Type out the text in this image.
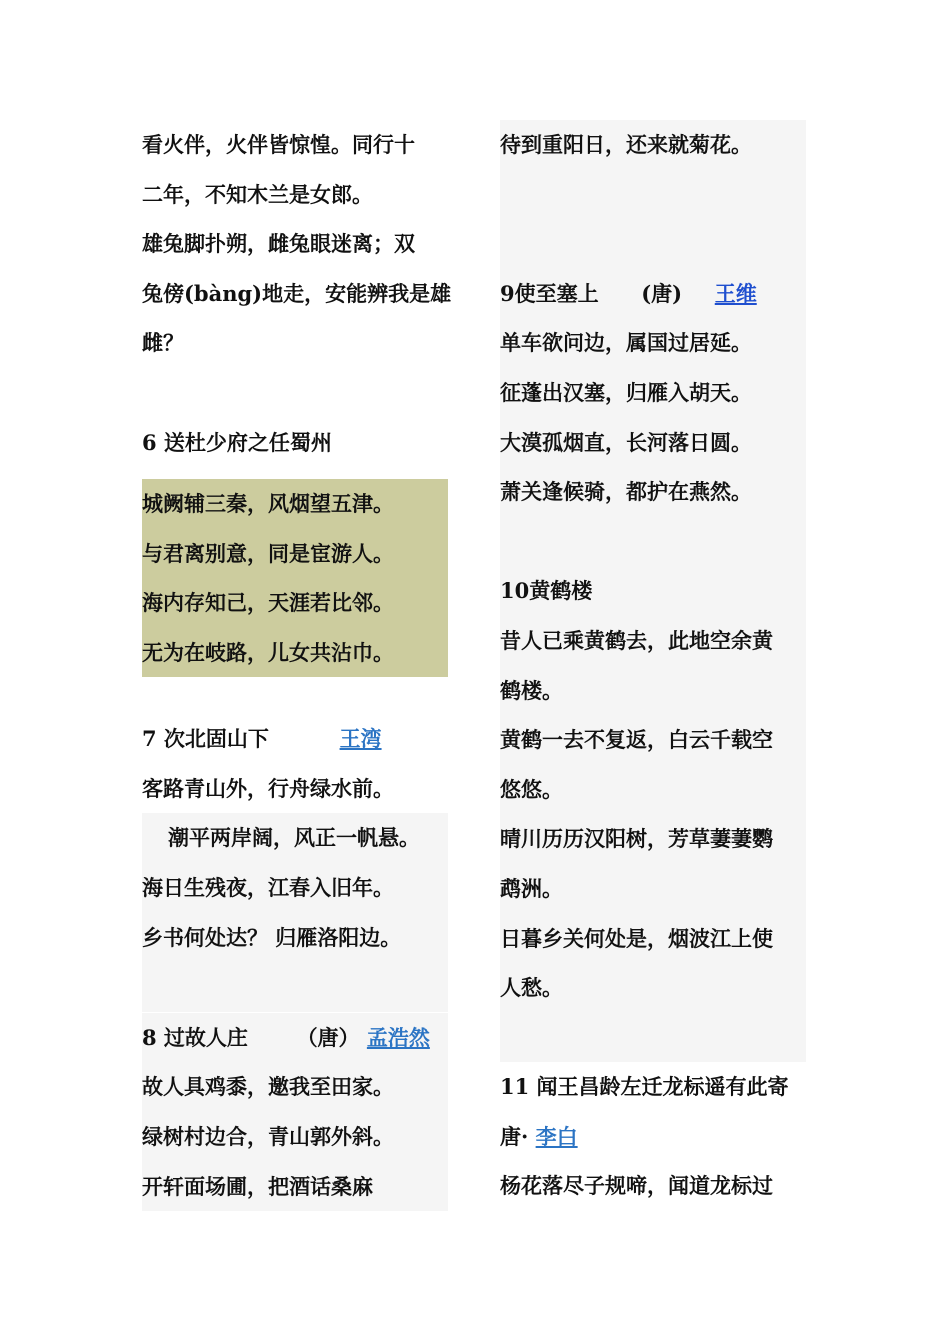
看火伴，火伴皆惊惶。同行十
二年，不知木兰是女郎。
雄兔脚扑朔，雌兔眼迷离；双
兔傍(bàng)地走，安能辨我是雄
雌？
6 送杜少府之任蜀州
城阙辅三秦，风烟望五津。
与君离别意，同是宦游人。
海内存知己，天涯若比邻。
无为在岐路，儿女共沾巾。
7 次北固山下	王湾
客路青山外，行舟绿水前。
潮平两岸阔，风正一帆悬。
海日生残夜，江春入旧年。
乡书何处达？ 归雁洛阳边。
8 过故人庄 （唐） 孟浩然
故人具鸡黍，邀我至田家。
绿树村边合，青山郭外斜。
开轩面场圃，把酒话桑麻
待到重阳日，还来就菊花。
9使至塞上 (唐) 王维
单车欲问边，属国过居延。
征蓬出汉塞，归雁入胡天。
大漠孤烟直，长河落日圆。
萧关逢候骑，都护在燕然。
10黄鹤楼
昔人已乘黄鹤去，此地空余黄
鹤楼。
黄鹤一去不复返，白云千载空
悠悠。
晴川历历汉阳树，芳草萋萋鹦
鹉洲。
日暮乡关何处是，烟波江上使
人愁。
11 闻王昌龄左迁龙标遥有此寄
唐· 李白
杨花落尽子规啼，闻道龙标过
